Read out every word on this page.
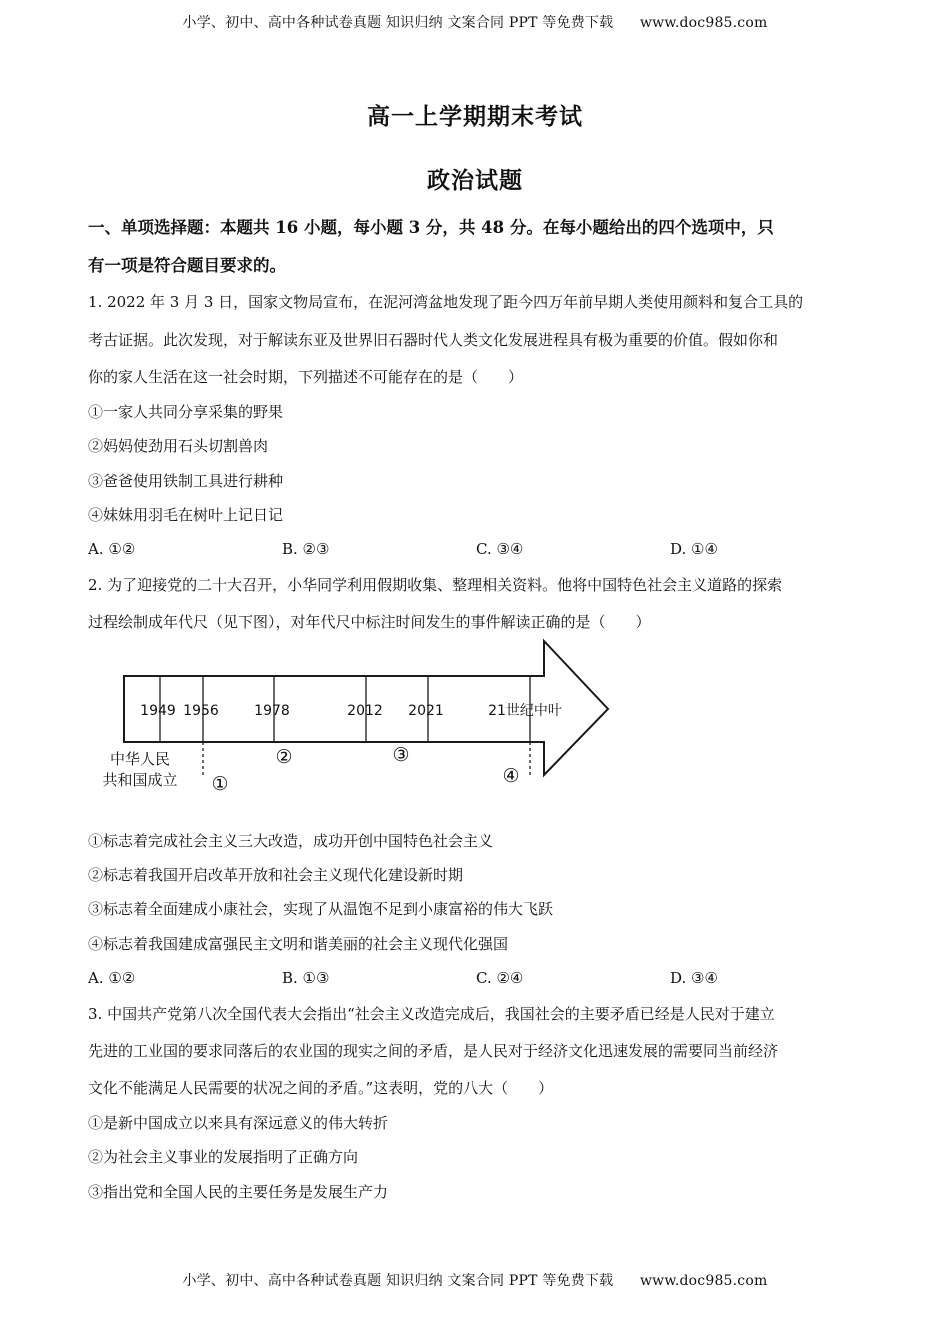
小学、初中、高中各种试卷真题 知识归纳 文案合同 PPT 等免费下载 www.doc985.com
高一上学期期末考试
政治试题
一、单项选择题：本题共 16 小题，每小题 3 分，共 48 分。在每小题给出的四个选项中，只
有一项是符合题目要求的。
1. 2022 年 3 月 3 日，国家文物局宣布，在泥河湾盆地发现了距今四万年前早期人类使用颜料和复合工具的
考古证据。此次发现，对于解读东亚及世界旧石器时代人类文化发展进程具有极为重要的价值。假如你和
你的家人生活在这一社会时期，下列描述不可能存在的是（　　）
①一家人共同分享采集的野果
②妈妈使劲用石头切割兽肉
③爸爸使用铁制工具进行耕种
④妹妹用羽毛在树叶上记日记
A. ①②	B. ②③	C. ③④	D. ①④
2. 为了迎接党的二十大召开，小华同学利用假期收集、整理相关资料。他将中国特色社会主义道路的探索
过程绘制成年代尺（见下图），对年代尺中标注时间发生的事件解读正确的是（　　）
1949 1956	1978	2012 2021	21世纪中叶
中华人民
共和国成立 ①
②	③
④
①标志着完成社会主义三大改造，成功开创中国特色社会主义
②标志着我国开启改革开放和社会主义现代化建设新时期
③标志着全面建成小康社会，实现了从温饱不足到小康富裕的伟大飞跃
④标志着我国建成富强民主文明和谐美丽的社会主义现代化强国
A. ①②	B. ①③	C. ②④	D. ③④
3. 中国共产党第八次全国代表大会指出“社会主义改造完成后，我国社会的主要矛盾已经是人民对于建立
先进的工业国的要求同落后的农业国的现实之间的矛盾，是人民对于经济文化迅速发展的需要同当前经济
文化不能满足人民需要的状况之间的矛盾。”这表明，党的八大（　　）
①是新中国成立以来具有深远意义的伟大转折
②为社会主义事业的发展指明了正确方向
③指出党和全国人民的主要任务是发展生产力
小学、初中、高中各种试卷真题 知识归纳 文案合同 PPT 等免费下载 www.doc985.com
